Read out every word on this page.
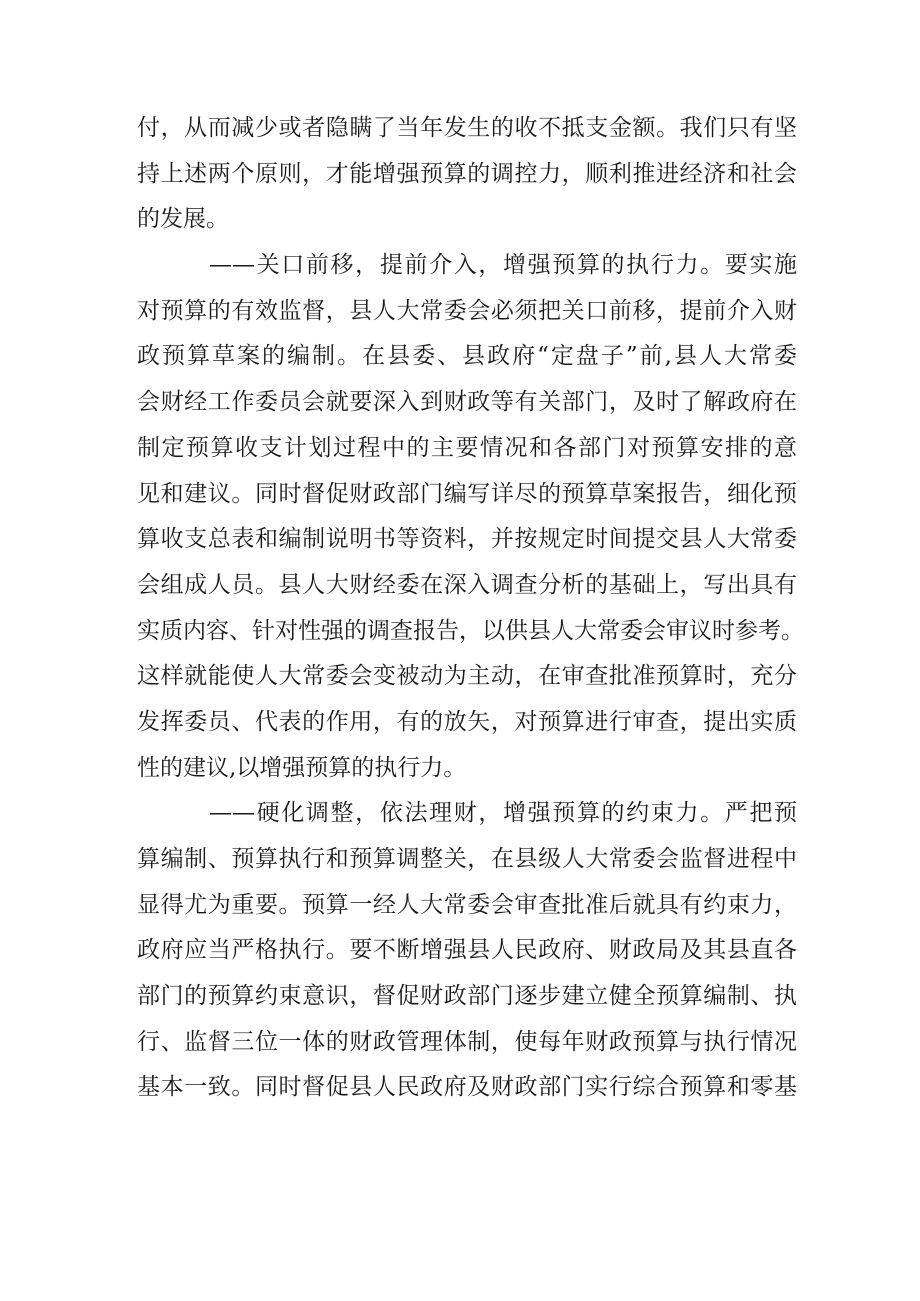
付，从而减少或者隐瞒了当年发生的收不抵支金额。我们只有坚
持上述两个原则，才能增强预算的调控力，顺利推进经济和社会
的发展。
——关口前移，提前介入，增强预算的执行力。要实施
对预算的有效监督，县人大常委会必须把关口前移，提前介入财
政预算草案的编制。在县委、县政府“定盘子”前,县人大常委
会财经工作委员会就要深入到财政等有关部门，及时了解政府在
制定预算收支计划过程中的主要情况和各部门对预算安排的意
见和建议。同时督促财政部门编写详尽的预算草案报告，细化预
算收支总表和编制说明书等资料，并按规定时间提交县人大常委
会组成人员。县人大财经委在深入调查分析的基础上，写出具有
实质内容、针对性强的调查报告，以供县人大常委会审议时参考。
这样就能使人大常委会变被动为主动，在审查批准预算时，充分
发挥委员、代表的作用，有的放矢，对预算进行审查，提出实质
性的建议,以增强预算的执行力。
——硬化调整，依法理财，增强预算的约束力。严把预
算编制、预算执行和预算调整关，在县级人大常委会监督进程中
显得尤为重要。预算一经人大常委会审查批准后就具有约束力，
政府应当严格执行。要不断增强县人民政府、财政局及其县直各
部门的预算约束意识，督促财政部门逐步建立健全预算编制、执
行、监督三位一体的财政管理体制，使每年财政预算与执行情况
基本一致。同时督促县人民政府及财政部门实行综合预算和零基
